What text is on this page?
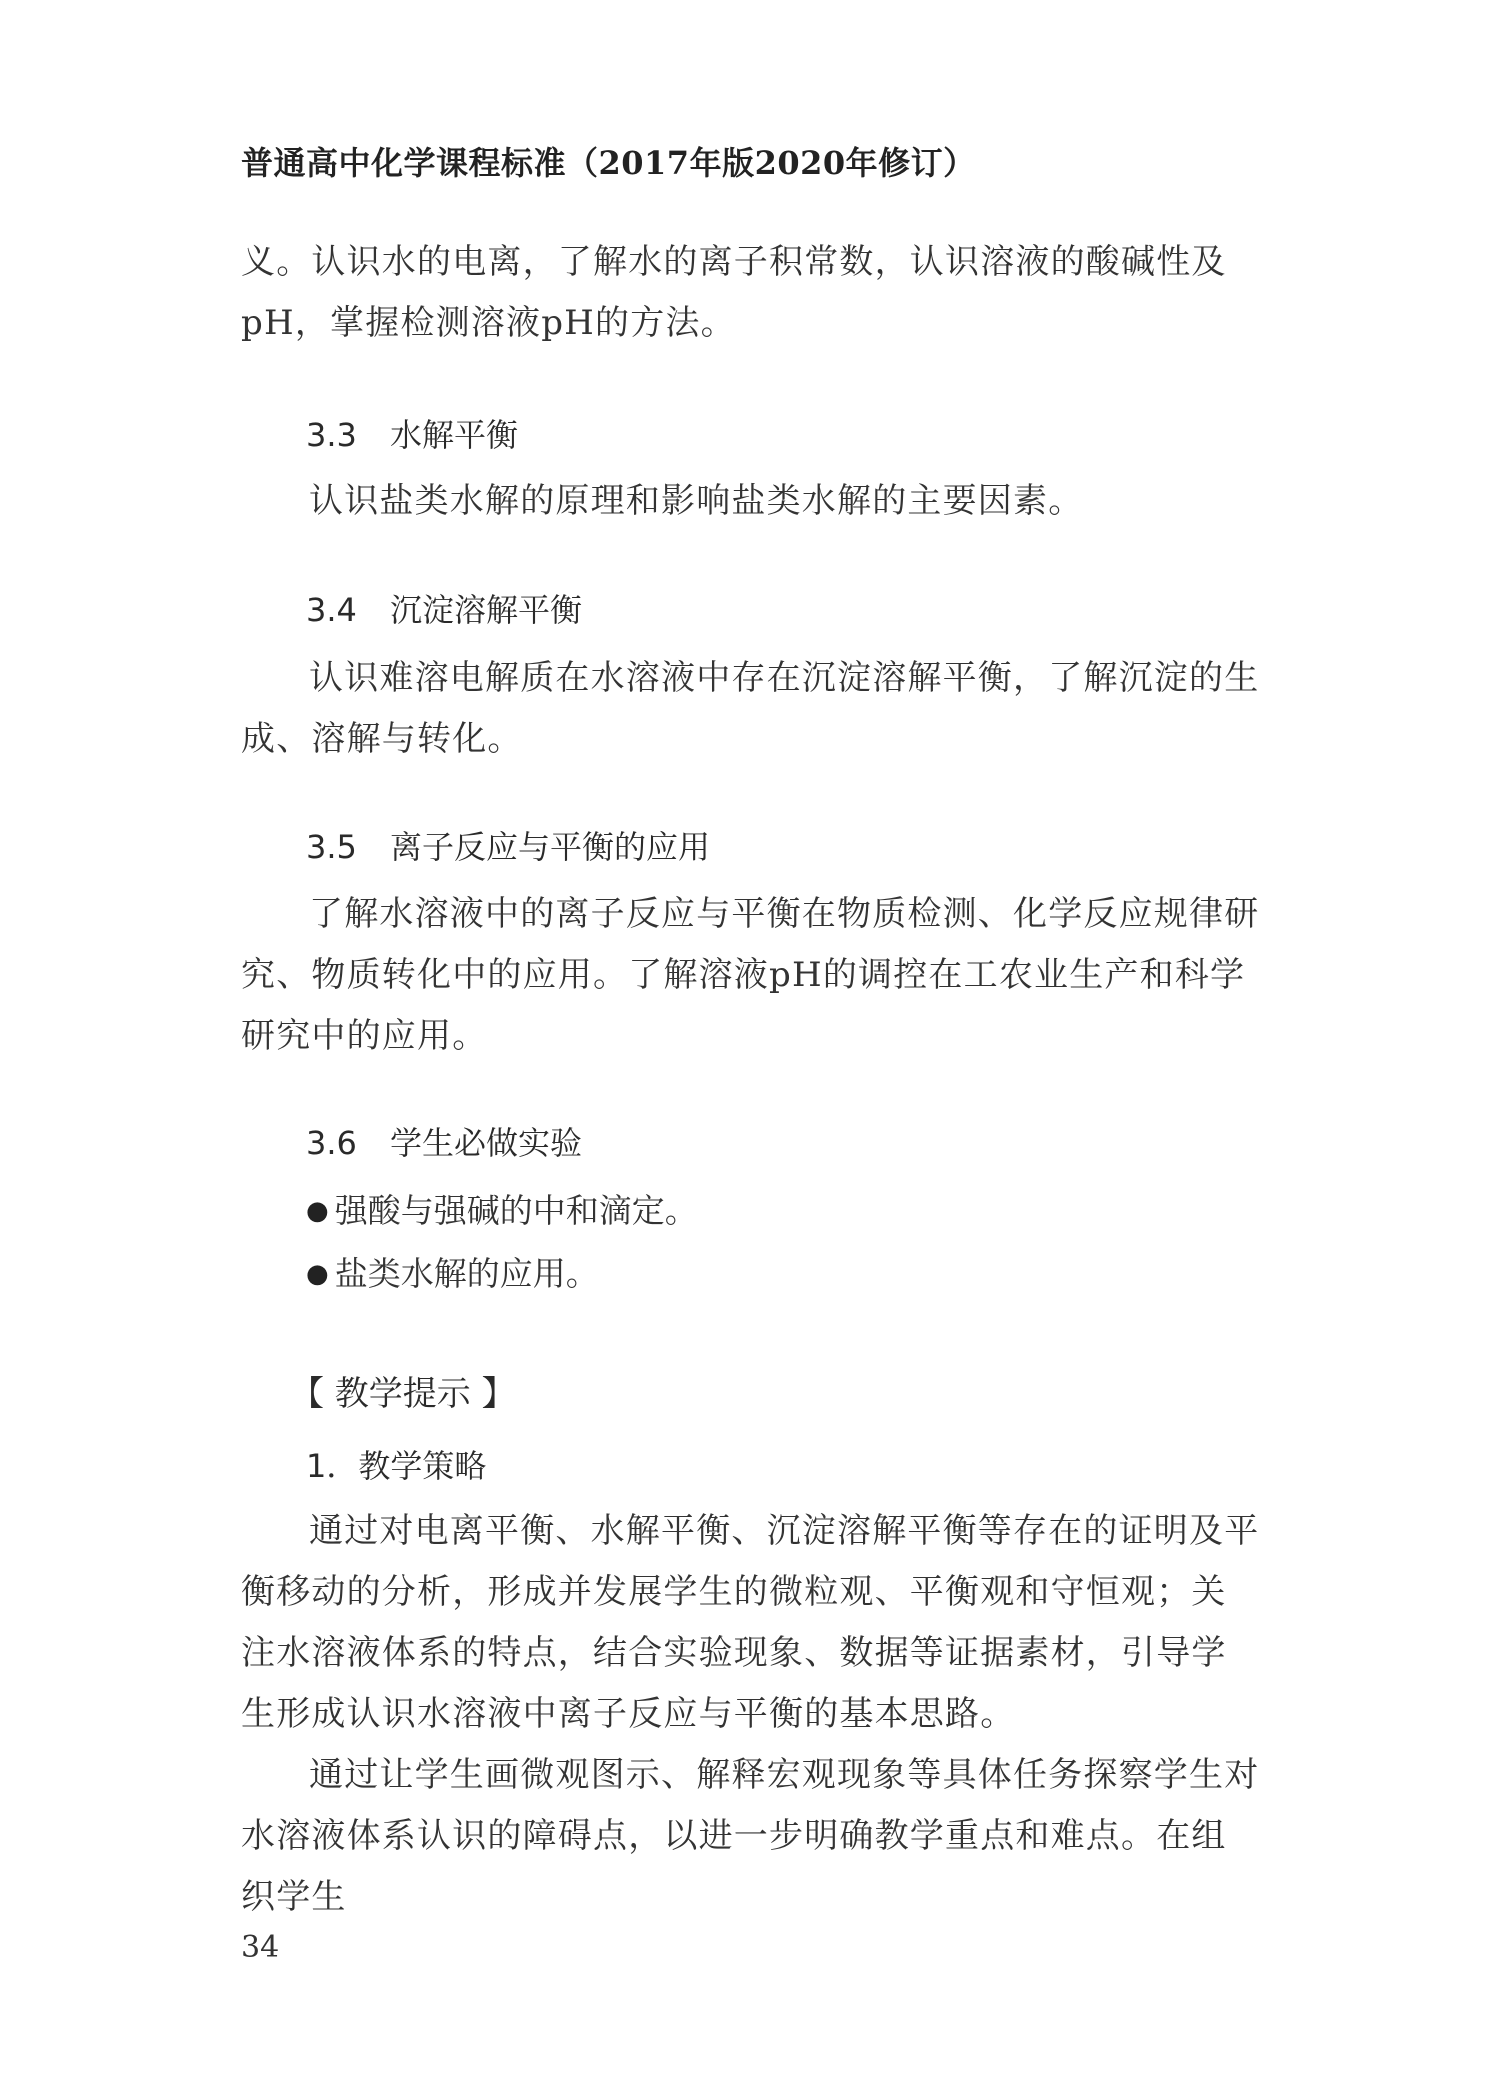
普通高中化学课程标准（2017年版2020年修订）

义。认识水的电离，了解水的离子积常数，认识溶液的酸碱性及pH，掌握检测溶液pH的方法。

3.3 水解平衡

认识盐类水解的原理和影响盐类水解的主要因素。

3.4 沉淀溶解平衡

认识难溶电解质在水溶液中存在沉淀溶解平衡，了解沉淀的生成、溶解与转化。

3.5 离子反应与平衡的应用

了解水溶液中的离子反应与平衡在物质检测、化学反应规律研究、物质转化中的应用。了解溶液pH的调控在工农业生产和科学研究中的应用。

3.6 学生必做实验
● 强酸与强碱的中和滴定。
● 盐类水解的应用。
【 教学提示 】
1．教学策略

通过对电离平衡、水解平衡、沉淀溶解平衡等存在的证明及平衡移动的分析，形成并发展学生的微粒观、平衡观和守恒观；关注水溶液体系的特点，结合实验现象、数据等证据素材，引导学生形成认识水溶液中离子反应与平衡的基本思路。

通过让学生画微观图示、解释宏观现象等具体任务探察学生对水溶液体系认识的障碍点，以进一步明确教学重点和难点。在组织学生

34
